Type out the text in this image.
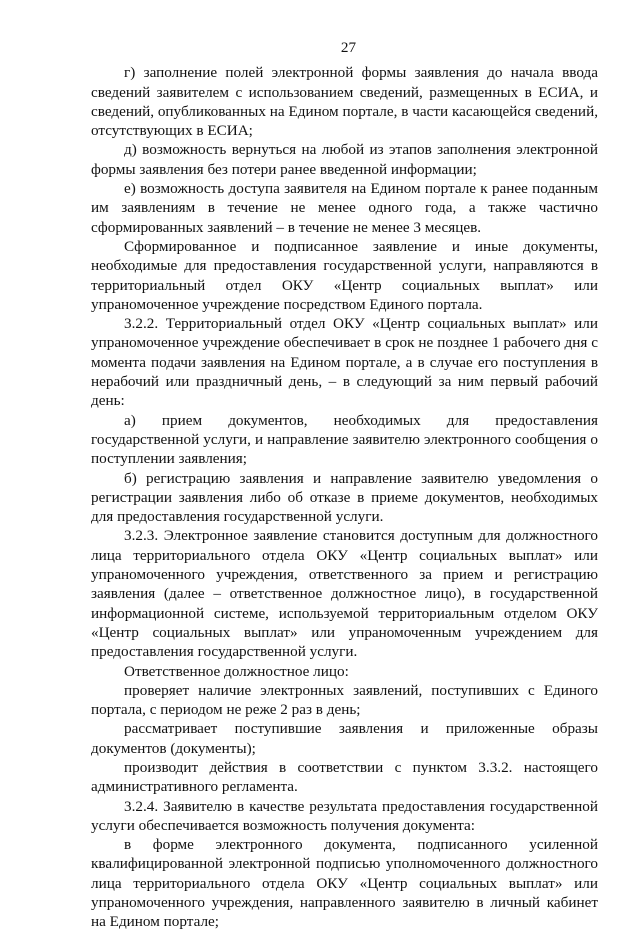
27

г) заполнение полей электронной формы заявления до начала ввода сведений заявителем с использованием сведений, размещенных в ЕСИА, и сведений, опубликованных на Едином портале, в части касающейся сведений, отсутствующих в ЕСИА;

д) возможность вернуться на любой из этапов заполнения электронной формы заявления без потери ранее введенной информации;

е) возможность доступа заявителя на Едином портале к ранее поданным им заявлениям в течение не менее одного года, а также частично сформированных заявлений – в течение не менее 3 месяцев.

Сформированное и подписанное заявление и иные документы, необходимые для предоставления государственной услуги, направляются в территориальный отдел ОКУ «Центр социальных выплат» или упраномоченное учреждение посредством Единого портала.

3.2.2. Территориальный отдел ОКУ «Центр социальных выплат» или упраномоченное учреждение обеспечивает в срок не позднее 1 рабочего дня с момента подачи заявления на Едином портале, а в случае его поступления в нерабочий или праздничный день, – в следующий за ним первый рабочий день:

а) прием документов, необходимых для предоставления государственной услуги, и направление заявителю электронного сообщения о поступлении заявления;

б) регистрацию заявления и направление заявителю уведомления о регистрации заявления либо об отказе в приеме документов, необходимых для предоставления государственной услуги.

3.2.3. Электронное заявление становится доступным для должностного лица территориального отдела ОКУ «Центр социальных выплат» или упраномоченного учреждения, ответственного за прием и регистрацию заявления (далее – ответственное должностное лицо), в государственной информационной системе, используемой территориальным отделом ОКУ «Центр социальных выплат» или упраномоченным учреждением для предоставления государственной услуги.

Ответственное должностное лицо:

проверяет наличие электронных заявлений, поступивших с Единого портала, с периодом не реже 2 раз в день;

рассматривает поступившие заявления и приложенные образы документов (документы);

производит действия в соответствии с пунктом 3.3.2. настоящего административного регламента.

3.2.4. Заявителю в качестве результата предоставления государственной услуги обеспечивается возможность получения документа:

в форме электронного документа, подписанного усиленной квалифицированной электронной подписью уполномоченного должностного лица территориального отдела ОКУ «Центр социальных выплат» или упраномоченного учреждения, направленного заявителю в личный кабинет на Едином портале;
